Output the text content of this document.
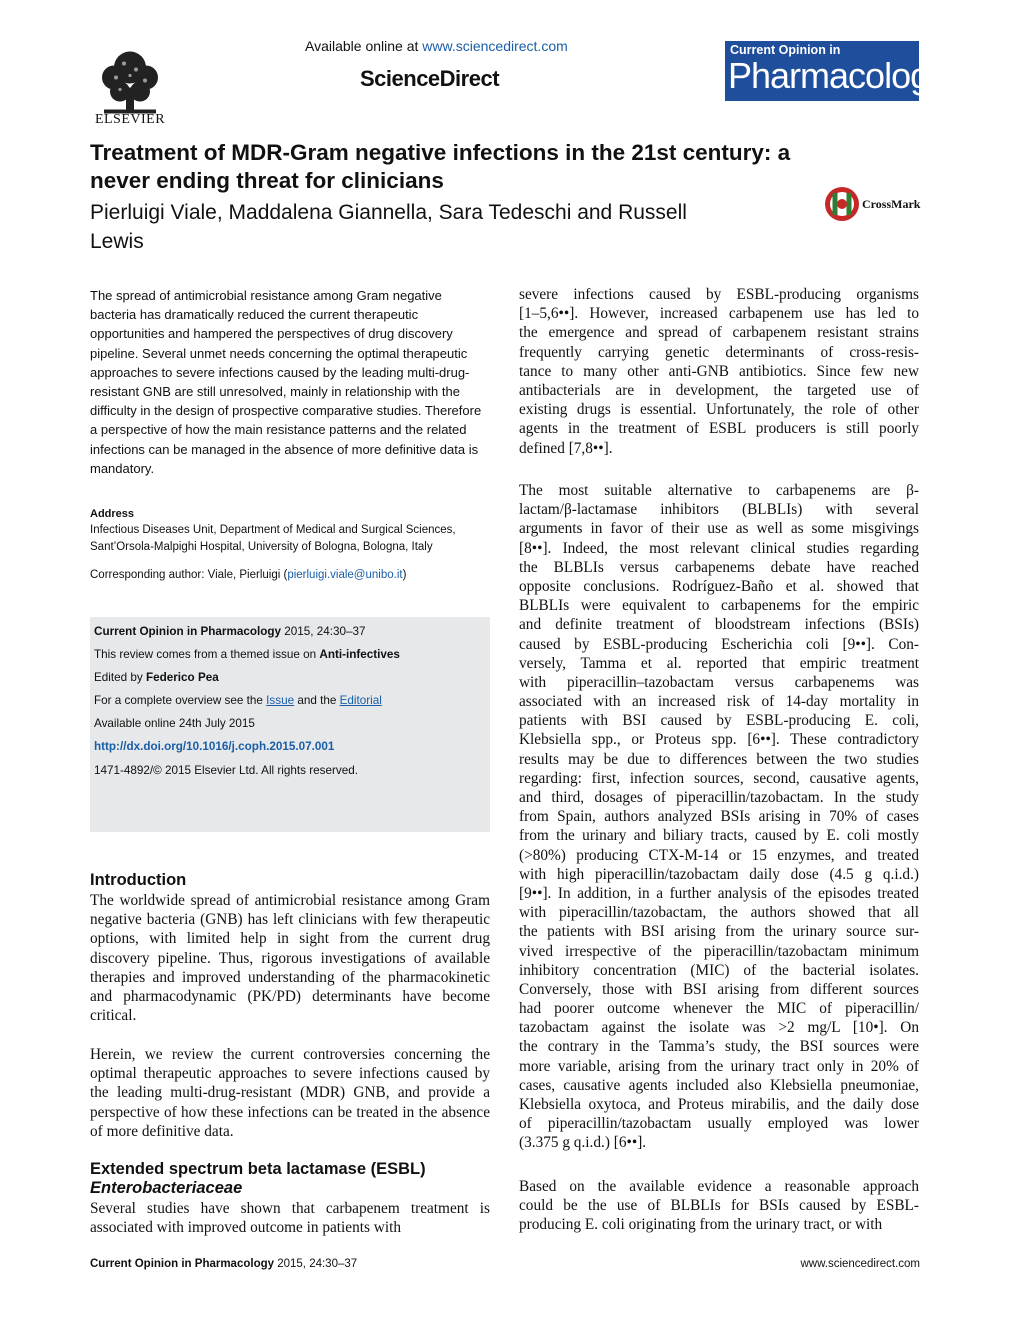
ELSEVIER
Available online at www.sciencedirect.com
ScienceDirect
Current Opinion in
Pharmacology
Treatment of MDR-Gram negative infections in the 21st century: a never ending threat for clinicians
Pierluigi Viale, Maddalena Giannella, Sara Tedeschi and Russell Lewis
CrossMark
The spread of antimicrobial resistance among Gram negative bacteria has dramatically reduced the current therapeutic opportunities and hampered the perspectives of drug discovery pipeline. Several unmet needs concerning the optimal therapeutic approaches to severe infections caused by the leading multi-drug-resistant GNB are still unresolved, mainly in relationship with the difficulty in the design of prospective comparative studies. Therefore a perspective of how the main resistance patterns and the related infections can be managed in the absence of more definitive data is mandatory.
Address
Infectious Diseases Unit, Department of Medical and Surgical Sciences,
Sant’Orsola-Malpighi Hospital, University of Bologna, Bologna, Italy
Corresponding author: Viale, Pierluigi (pierluigi.viale@unibo.it)
Current Opinion in Pharmacology 2015, 24:30–37
This review comes from a themed issue on Anti-infectives
Edited by Federico Pea
For a complete overview see the Issue and the Editorial
Available online 24th July 2015
http://dx.doi.org/10.1016/j.coph.2015.07.001
1471-4892/© 2015 Elsevier Ltd. All rights reserved.
Introduction

The worldwide spread of antimicrobial resistance among Gram negative bacteria (GNB) has left clinicians with few therapeutic options, with limited help in sight from the current drug discovery pipeline. Thus, rigorous investigations of available therapies and improved understanding of the pharmacokinetic and pharmacodynamic (PK/PD) determinants have become critical.

Herein, we review the current controversies concerning the optimal therapeutic approaches to severe infections caused by the leading multi-drug-resistant (MDR) GNB, and provide a perspective of how these infections can be treated in the absence of more definitive data.

Extended spectrum beta lactamase (ESBL)
Enterobacteriaceae

Several studies have shown that carbapenem treatment is associated with improved outcome in patients with

severe infections caused by ESBL-producing organisms
[1–5,6••]. However, increased carbapenem use has led to
the emergence and spread of carbapenem resistant strains
frequently carrying genetic determinants of cross-resis-
tance to many other anti-GNB antibiotics. Since few new
antibacterials are in development, the targeted use of
existing drugs is essential. Unfortunately, the role of other
agents in the treatment of ESBL producers is still poorly
defined [7,8••].
The most suitable alternative to carbapenems are β-
lactam/β-lactamase inhibitors (BLBLIs) with several
arguments in favor of their use as well as some misgivings
[8••]. Indeed, the most relevant clinical studies regarding
the BLBLIs versus carbapenems debate have reached
opposite conclusions. Rodríguez-Baño et al. showed that
BLBLIs were equivalent to carbapenems for the empiric
and definite treatment of bloodstream infections (BSIs)
caused by ESBL-producing Escherichia coli [9••]. Con-
versely, Tamma et al. reported that empiric treatment
with piperacillin–tazobactam versus carbapenems was
associated with an increased risk of 14-day mortality in
patients with BSI caused by ESBL-producing E. coli,
Klebsiella spp., or Proteus spp. [6••]. These contradictory
results may be due to differences between the two studies
regarding: first, infection sources, second, causative agents,
and third, dosages of piperacillin/tazobactam. In the study
from Spain, authors analyzed BSIs arising in 70% of cases
from the urinary and biliary tracts, caused by E. coli mostly
(>80%) producing CTX-M-14 or 15 enzymes, and treated
with high piperacillin/tazobactam daily dose (4.5 g q.i.d.)
[9••]. In addition, in a further analysis of the episodes treated
with piperacillin/tazobactam, the authors showed that all
the patients with BSI arising from the urinary source sur-
vived irrespective of the piperacillin/tazobactam minimum
inhibitory concentration (MIC) of the bacterial isolates.
Conversely, those with BSI arising from different sources
had poorer outcome whenever the MIC of piperacillin/
tazobactam against the isolate was >2 mg/L [10•]. On
the contrary in the Tamma’s study, the BSI sources were
more variable, arising from the urinary tract only in 20% of
cases, causative agents included also Klebsiella pneumoniae,
Klebsiella oxytoca, and Proteus mirabilis, and the daily dose
of piperacillin/tazobactam usually employed was lower
(3.375 g q.i.d.) [6••].
Based on the available evidence a reasonable approach
could be the use of BLBLIs for BSIs caused by ESBL-
producing E. coli originating from the urinary tract, or with
Current Opinion in Pharmacology 2015, 24:30–37	www.sciencedirect.com
